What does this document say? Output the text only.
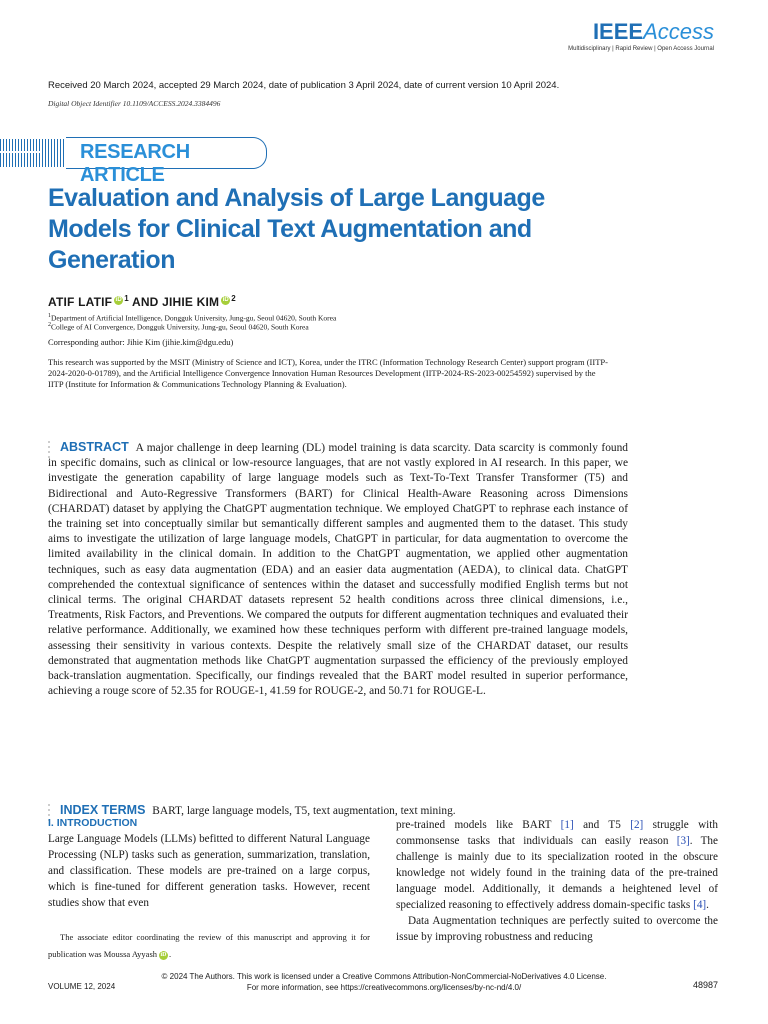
IEEEAccess
Multidisciplinary | Rapid Review | Open Access Journal
Received 20 March 2024, accepted 29 March 2024, date of publication 3 April 2024, date of current version 10 April 2024.
Digital Object Identifier 10.1109/ACCESS.2024.3384496
RESEARCH ARTICLE
Evaluation and Analysis of Large Language Models for Clinical Text Augmentation and Generation
ATIF LATIF iD $^1$ AND JIHIE KIM iD $^2$
$^1$Department of Artificial Intelligence, Dongguk University, Jung-gu, Seoul 04620, South Korea
$^2$College of AI Convergence, Dongguk University, Jung-gu, Seoul 04620, South Korea
Corresponding author: Jihie Kim (jihie.kim@dgu.edu)
This research was supported by the MSIT (Ministry of Science and ICT), Korea, under the ITRC (Information Technology Research Center) support program (IITP-2024-2020-0-01789), and the Artificial Intelligence Convergence Innovation Human Resources Development (IITP-2024-RS-2023-00254592) supervised by the IITP (Institute for Information & Communications Technology Planning & Evaluation).
ABSTRACT A major challenge in deep learning (DL) model training is data scarcity. Data scarcity is commonly found in specific domains, such as clinical or low-resource languages, that are not vastly explored in AI research. In this paper, we investigate the generation capability of large language models such as Text-To-Text Transfer Transformer (T5) and Bidirectional and Auto-Regressive Transformers (BART) for Clinical Health-Aware Reasoning across Dimensions (CHARDAT) dataset by applying the ChatGPT augmentation technique. We employed ChatGPT to rephrase each instance of the training set into conceptually similar but semantically different samples and augmented them to the dataset. This study aims to investigate the utilization of large language models, ChatGPT in particular, for data augmentation to overcome the limited availability in the clinical domain. In addition to the ChatGPT augmentation, we applied other augmentation techniques, such as easy data augmentation (EDA) and an easier data augmentation (AEDA), to clinical data. ChatGPT comprehended the contextual significance of sentences within the dataset and successfully modified English terms but not clinical terms. The original CHARDAT datasets represent 52 health conditions across three clinical dimensions, i.e., Treatments, Risk Factors, and Preventions. We compared the outputs for different augmentation techniques and evaluated their relative performance. Additionally, we examined how these techniques perform with different pre-trained language models, assessing their sensitivity in various contexts. Despite the relatively small size of the CHARDAT dataset, our results demonstrated that augmentation methods like ChatGPT augmentation surpassed the efficiency of the previously employed back-translation augmentation. Specifically, our findings revealed that the BART model resulted in superior performance, achieving a rouge score of 52.35 for ROUGE-1, 41.59 for ROUGE-2, and 50.71 for ROUGE-L.
INDEX TERMS BART, large language models, T5, text augmentation, text mining.
I. INTRODUCTION
Large Language Models (LLMs) befitted to different Natural Language Processing (NLP) tasks such as generation, summarization, translation, and classification. These models are pre-trained on a large corpus, which is fine-tuned for different generation tasks. However, recent studies show that even
The associate editor coordinating the review of this manuscript and approving it for publication was Moussa Ayyash iD .
pre-trained models like BART [1] and T5 [2] struggle with commonsense tasks that individuals can easily reason [3]. The challenge is mainly due to its specialization rooted in the obscure knowledge not widely found in the training data of the pre-trained language model. Additionally, it demands a heightened level of specialized reasoning to effectively address domain-specific tasks [4].
Data Augmentation techniques are perfectly suited to overcome the issue by improving robustness and reducing
© 2024 The Authors. This work is licensed under a Creative Commons Attribution-NonCommercial-NoDerivatives 4.0 License.
For more information, see https://creativecommons.org/licenses/by-nc-nd/4.0/
VOLUME 12, 2024	48987
